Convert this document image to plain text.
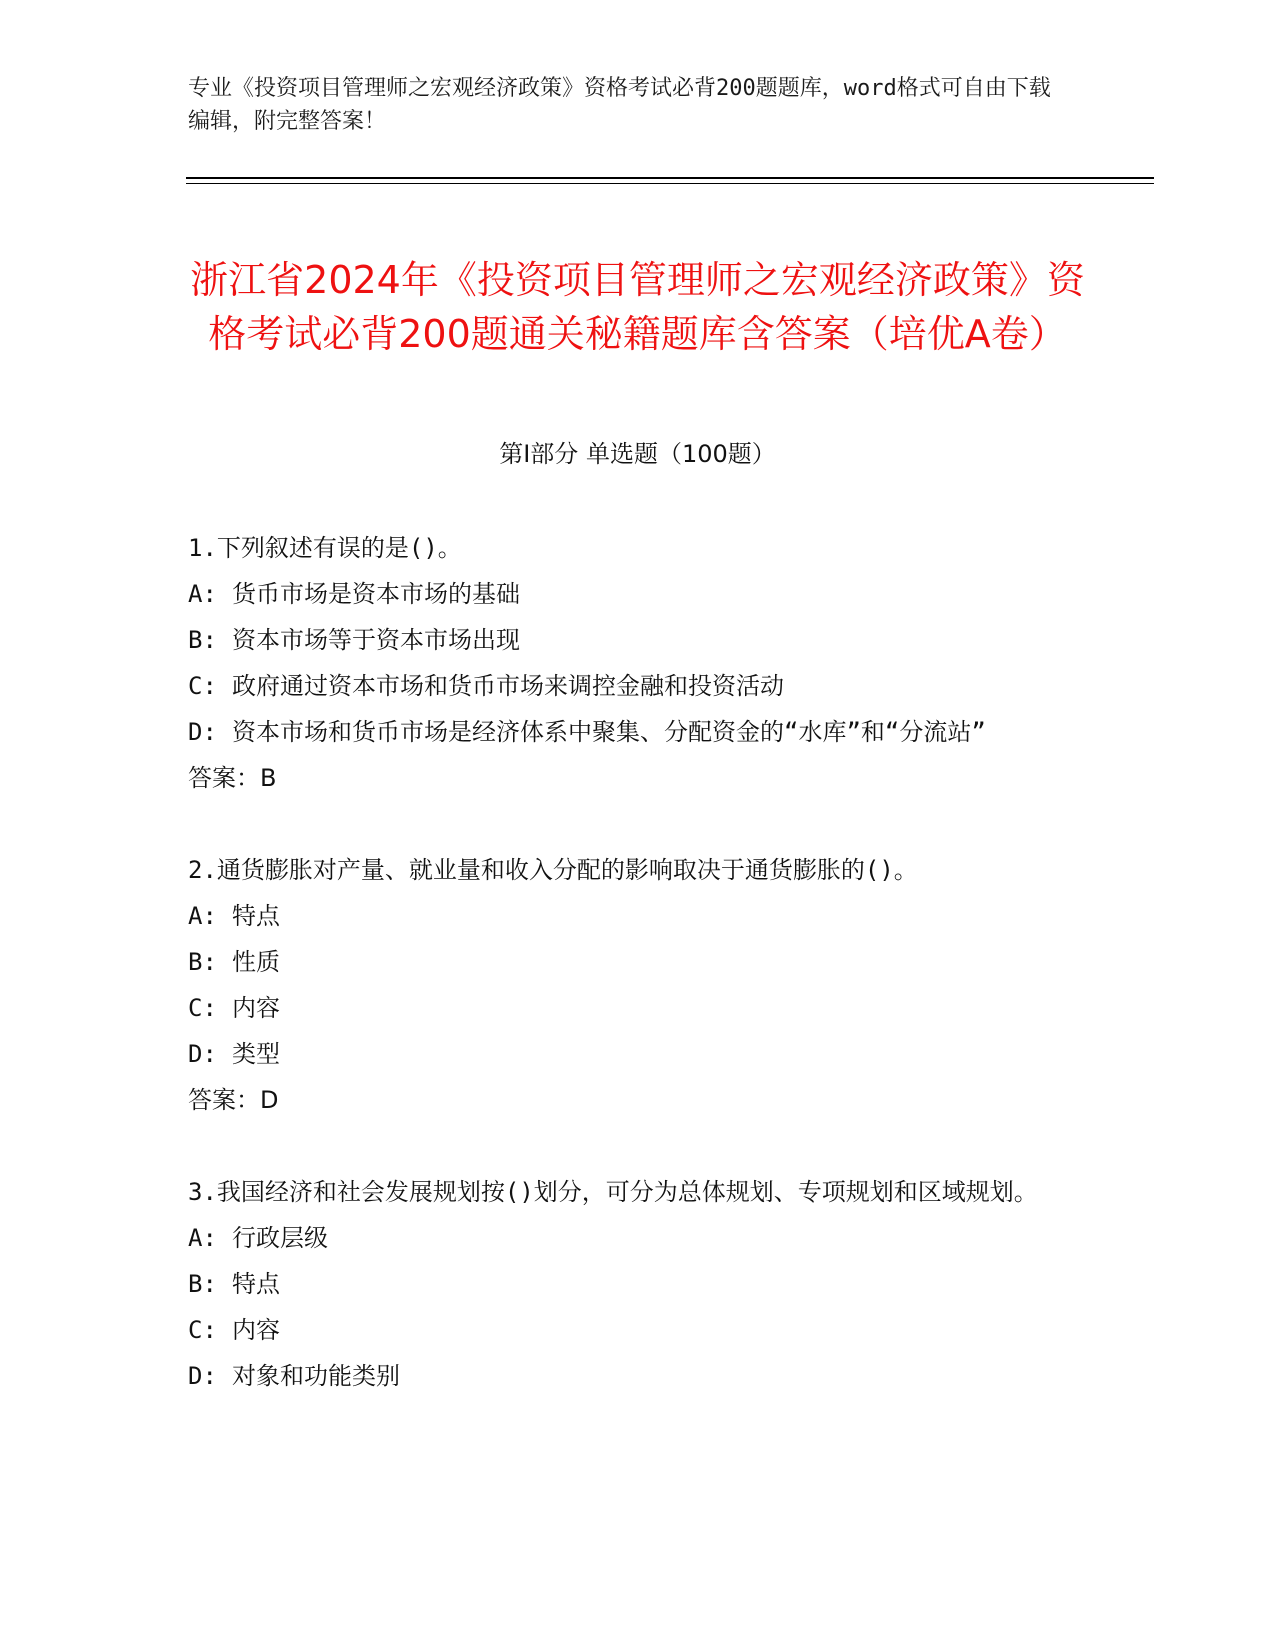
专业《投资项目管理师之宏观经济政策》资格考试必背200题题库，word格式可自由下载编辑，附完整答案！
浙江省2024年《投资项目管理师之宏观经济政策》资格考试必背200题通关秘籍题库含答案（培优A卷）
第I部分 单选题（100题）
1.下列叙述有误的是()。
A: 货币市场是资本市场的基础
B: 资本市场等于资本市场出现
C: 政府通过资本市场和货币市场来调控金融和投资活动
D: 资本市场和货币市场是经济体系中聚集、分配资金的“水库”和“分流站”
答案：B
2.通货膨胀对产量、就业量和收入分配的影响取决于通货膨胀的()。
A: 特点
B: 性质
C: 内容
D: 类型
答案：D
3.我国经济和社会发展规划按()划分，可分为总体规划、专项规划和区域规划。
A: 行政层级
B: 特点
C: 内容
D: 对象和功能类别
